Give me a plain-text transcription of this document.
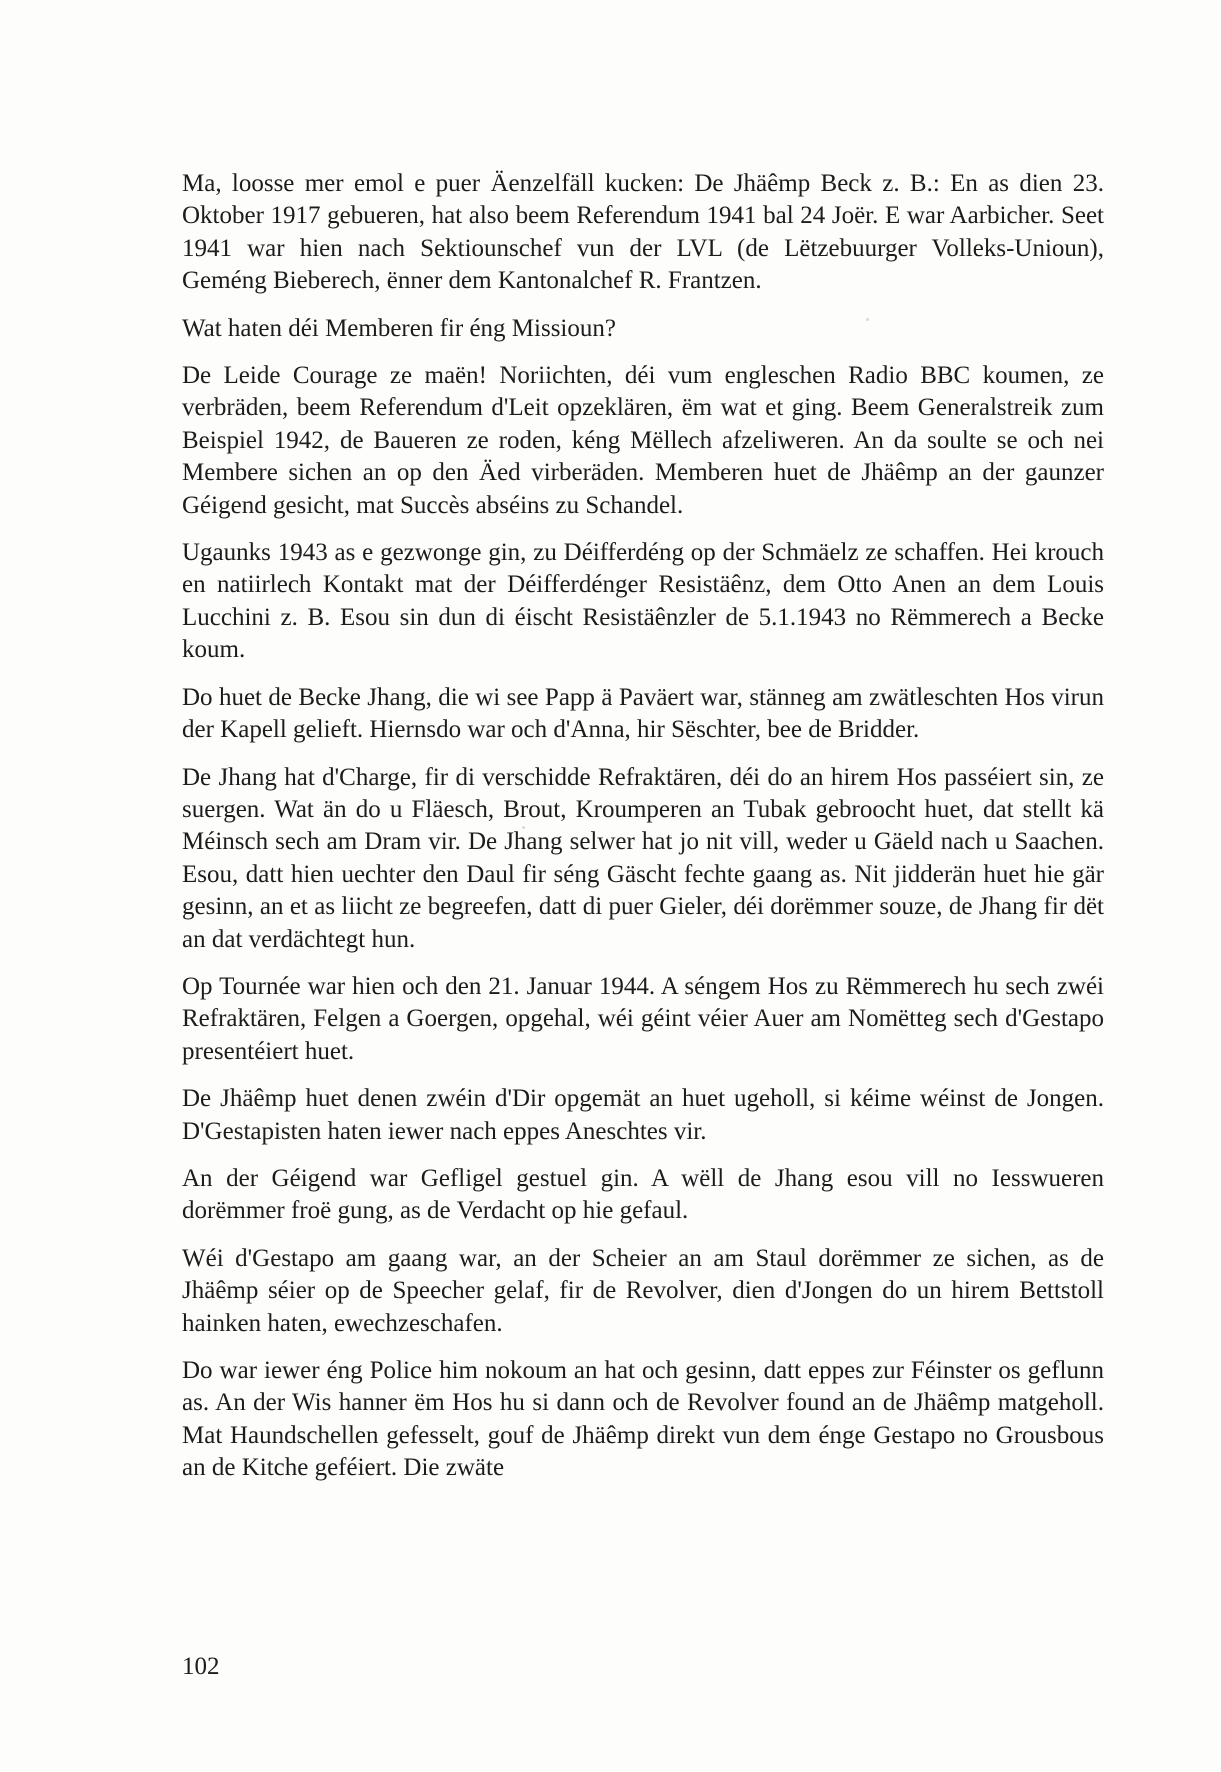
Ma, loosse mer emol e puer Äenzelfäll kucken: De Jhäêmp Beck z. B.: En as dien 23. Oktober 1917 gebueren, hat also beem Referendum 1941 bal 24 Joër. E war Aarbicher. Seet 1941 war hien nach Sektiounschef vun der LVL (de Lëtzebuurger Volleks-Unioun), Geméng Bieberech, ënner dem Kantonalchef R. Frantzen.

Wat haten déi Memberen fir éng Missioun?

De Leide Courage ze maën! Noriichten, déi vum engleschen Radio BBC koumen, ze verbräden, beem Referendum d'Leit opzeklären, ëm wat et ging. Beem Generalstreik zum Beispiel 1942, de Baueren ze roden, kéng Mëllech afzeliweren. An da soulte se och nei Membere sichen an op den Äed virberäden. Memberen huet de Jhäêmp an der gaunzer Géigend gesicht, mat Succès abséins zu Schandel.

Ugaunks 1943 as e gezwonge gin, zu Déifferdéng op der Schmäelz ze schaffen. Hei krouch en natiirlech Kontakt mat der Déifferdénger Resistäênz, dem Otto Anen an dem Louis Lucchini z. B. Esou sin dun di éischt Resistäênzler de 5.1.1943 no Rëmmerech a Becke koum.

Do huet de Becke Jhang, die wi see Papp ä Paväert war, stänneg am zwätleschten Hos virun der Kapell gelieft. Hiernsdo war och d'Anna, hir Sëschter, bee de Bridder.

De Jhang hat d'Charge, fir di verschidde Refraktären, déi do an hirem Hos passéiert sin, ze suergen. Wat än do u Fläesch, Brout, Kroumperen an Tubak gebroocht huet, dat stellt kä Méinsch sech am Dram vir. De Jhang selwer hat jo nit vill, weder u Gäeld nach u Saachen. Esou, datt hien uechter den Daul fir séng Gäscht fechte gaang as. Nit jidderän huet hie gär gesinn, an et as liicht ze begreefen, datt di puer Gieler, déi dorëmmer souze, de Jhang fir dët an dat verdächtegt hun.

Op Tournée war hien och den 21. Januar 1944. A séngem Hos zu Rëmmerech hu sech zwéi Refraktären, Felgen a Goergen, opgehal, wéi géint véier Auer am Nomëtteg sech d'Gestapo presentéiert huet.

De Jhäêmp huet denen zwéin d'Dir opgemät an huet ugeholl, si kéime wéinst de Jongen. D'Gestapisten haten iewer nach eppes Aneschtes vir.

An der Géigend war Gefligel gestuel gin. A wëll de Jhang esou vill no Iesswueren dorëmmer froë gung, as de Verdacht op hie gefaul.

Wéi d'Gestapo am gaang war, an der Scheier an am Staul dorëmmer ze sichen, as de Jhäêmp séier op de Speecher gelaf, fir de Revolver, dien d'Jongen do un hirem Bettstoll hainken haten, ewechzeschafen.

Do war iewer éng Police him nokoum an hat och gesinn, datt eppes zur Féinster os geflunn as. An der Wis hanner ëm Hos hu si dann och de Revolver found an de Jhäêmp matgeholl. Mat Haundschellen gefesselt, gouf de Jhäêmp direkt vun dem énge Gestapo no Grousbous an de Kitche geféiert. Die zwäte

102
